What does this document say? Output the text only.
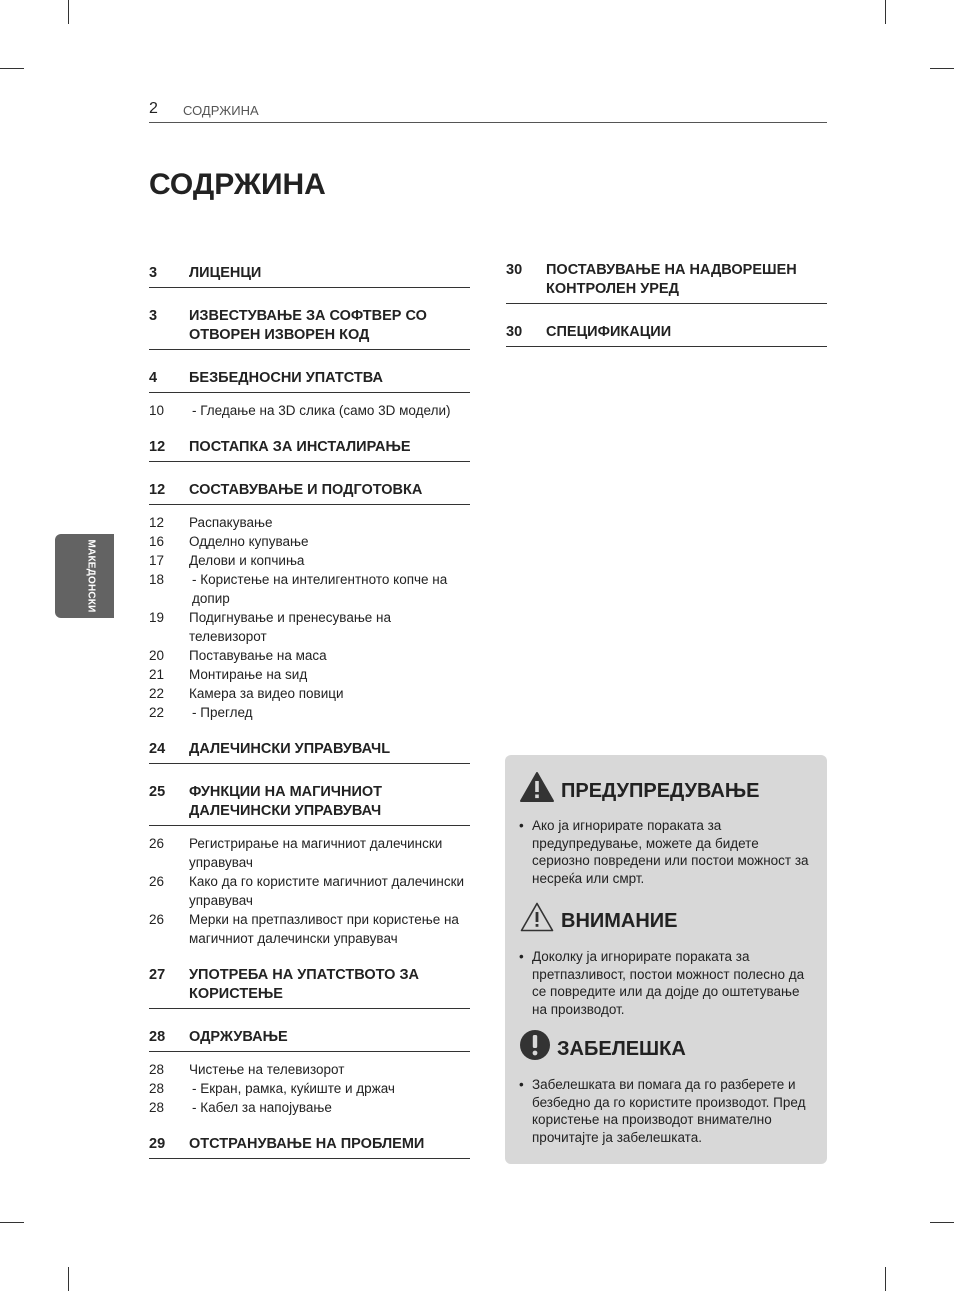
2 СОДРЖИНА
СОДРЖИНА
МАКЕДОНСКИ
3	ЛИЦЕНЦИ
3	ИЗВЕСТУВАЊЕ ЗА СОФТВЕР СО ОТВОРЕН ИЗВОРЕН КОД
4	БЕЗБЕДНОСНИ УПАТСТВА
10	- Гледање на 3D слика (само 3D модели)
12	ПОСТАПКА ЗА ИНСТАЛИРАЊЕ
12	СОСТАВУВАЊЕ И ПОДГОТОВКА
12	Распакување
16	Одделно купување
17	Делови и копчиња
18	- Користење на интелигентното копче на допир
19	Подигнување и пренесување на телевизорот
20	Поставување на маса
21	Монтирање на ѕид
22	Камера за видео повици
22	- Преглед
24	ДАЛЕЧИНСКИ УПРАВУВАЧL
25	ФУНКЦИИ НА МАГИЧНИОТ ДАЛЕЧИНСКИ УПРАВУВАЧ
26	Регистрирање на магичниот далечински управувач
26	Како да го користите магичниот далечински управувач
26	Мерки на претпазливост при користење на магичниот далечински управувач
27	УПОТРЕБА НА УПАТСТВОТО ЗА КОРИСТЕЊЕ
28	ОДРЖУВАЊЕ
28	Чистење на телевизорот
28	- Екран, рамка, куќиште и држач
28	- Кабел за напојување
29	ОТСТРАНУВАЊЕ НА ПРОБЛЕМИ
30	ПОСТАВУВАЊЕ НА НАДВОРЕШЕН КОНТРОЛЕН УРЕД
30	СПЕЦИФИКАЦИИ
ПРЕДУПРЕДУВАЊЕ
• Ако ја игнорирате пораката за предупредување, можете да бидете сериозно повредени или постои можност за несреќа или смрт.
ВНИМАНИЕ
• Доколку ја игнорирате пораката за претпазливост, постои можност полесно да се повредите или да дојде до оштетување на производот.
ЗАБЕЛЕШКА
• Забелешката ви помага да го разберете и безбедно да го користите производот. Пред користење на производот внимателно прочитајте ја забелешката.
